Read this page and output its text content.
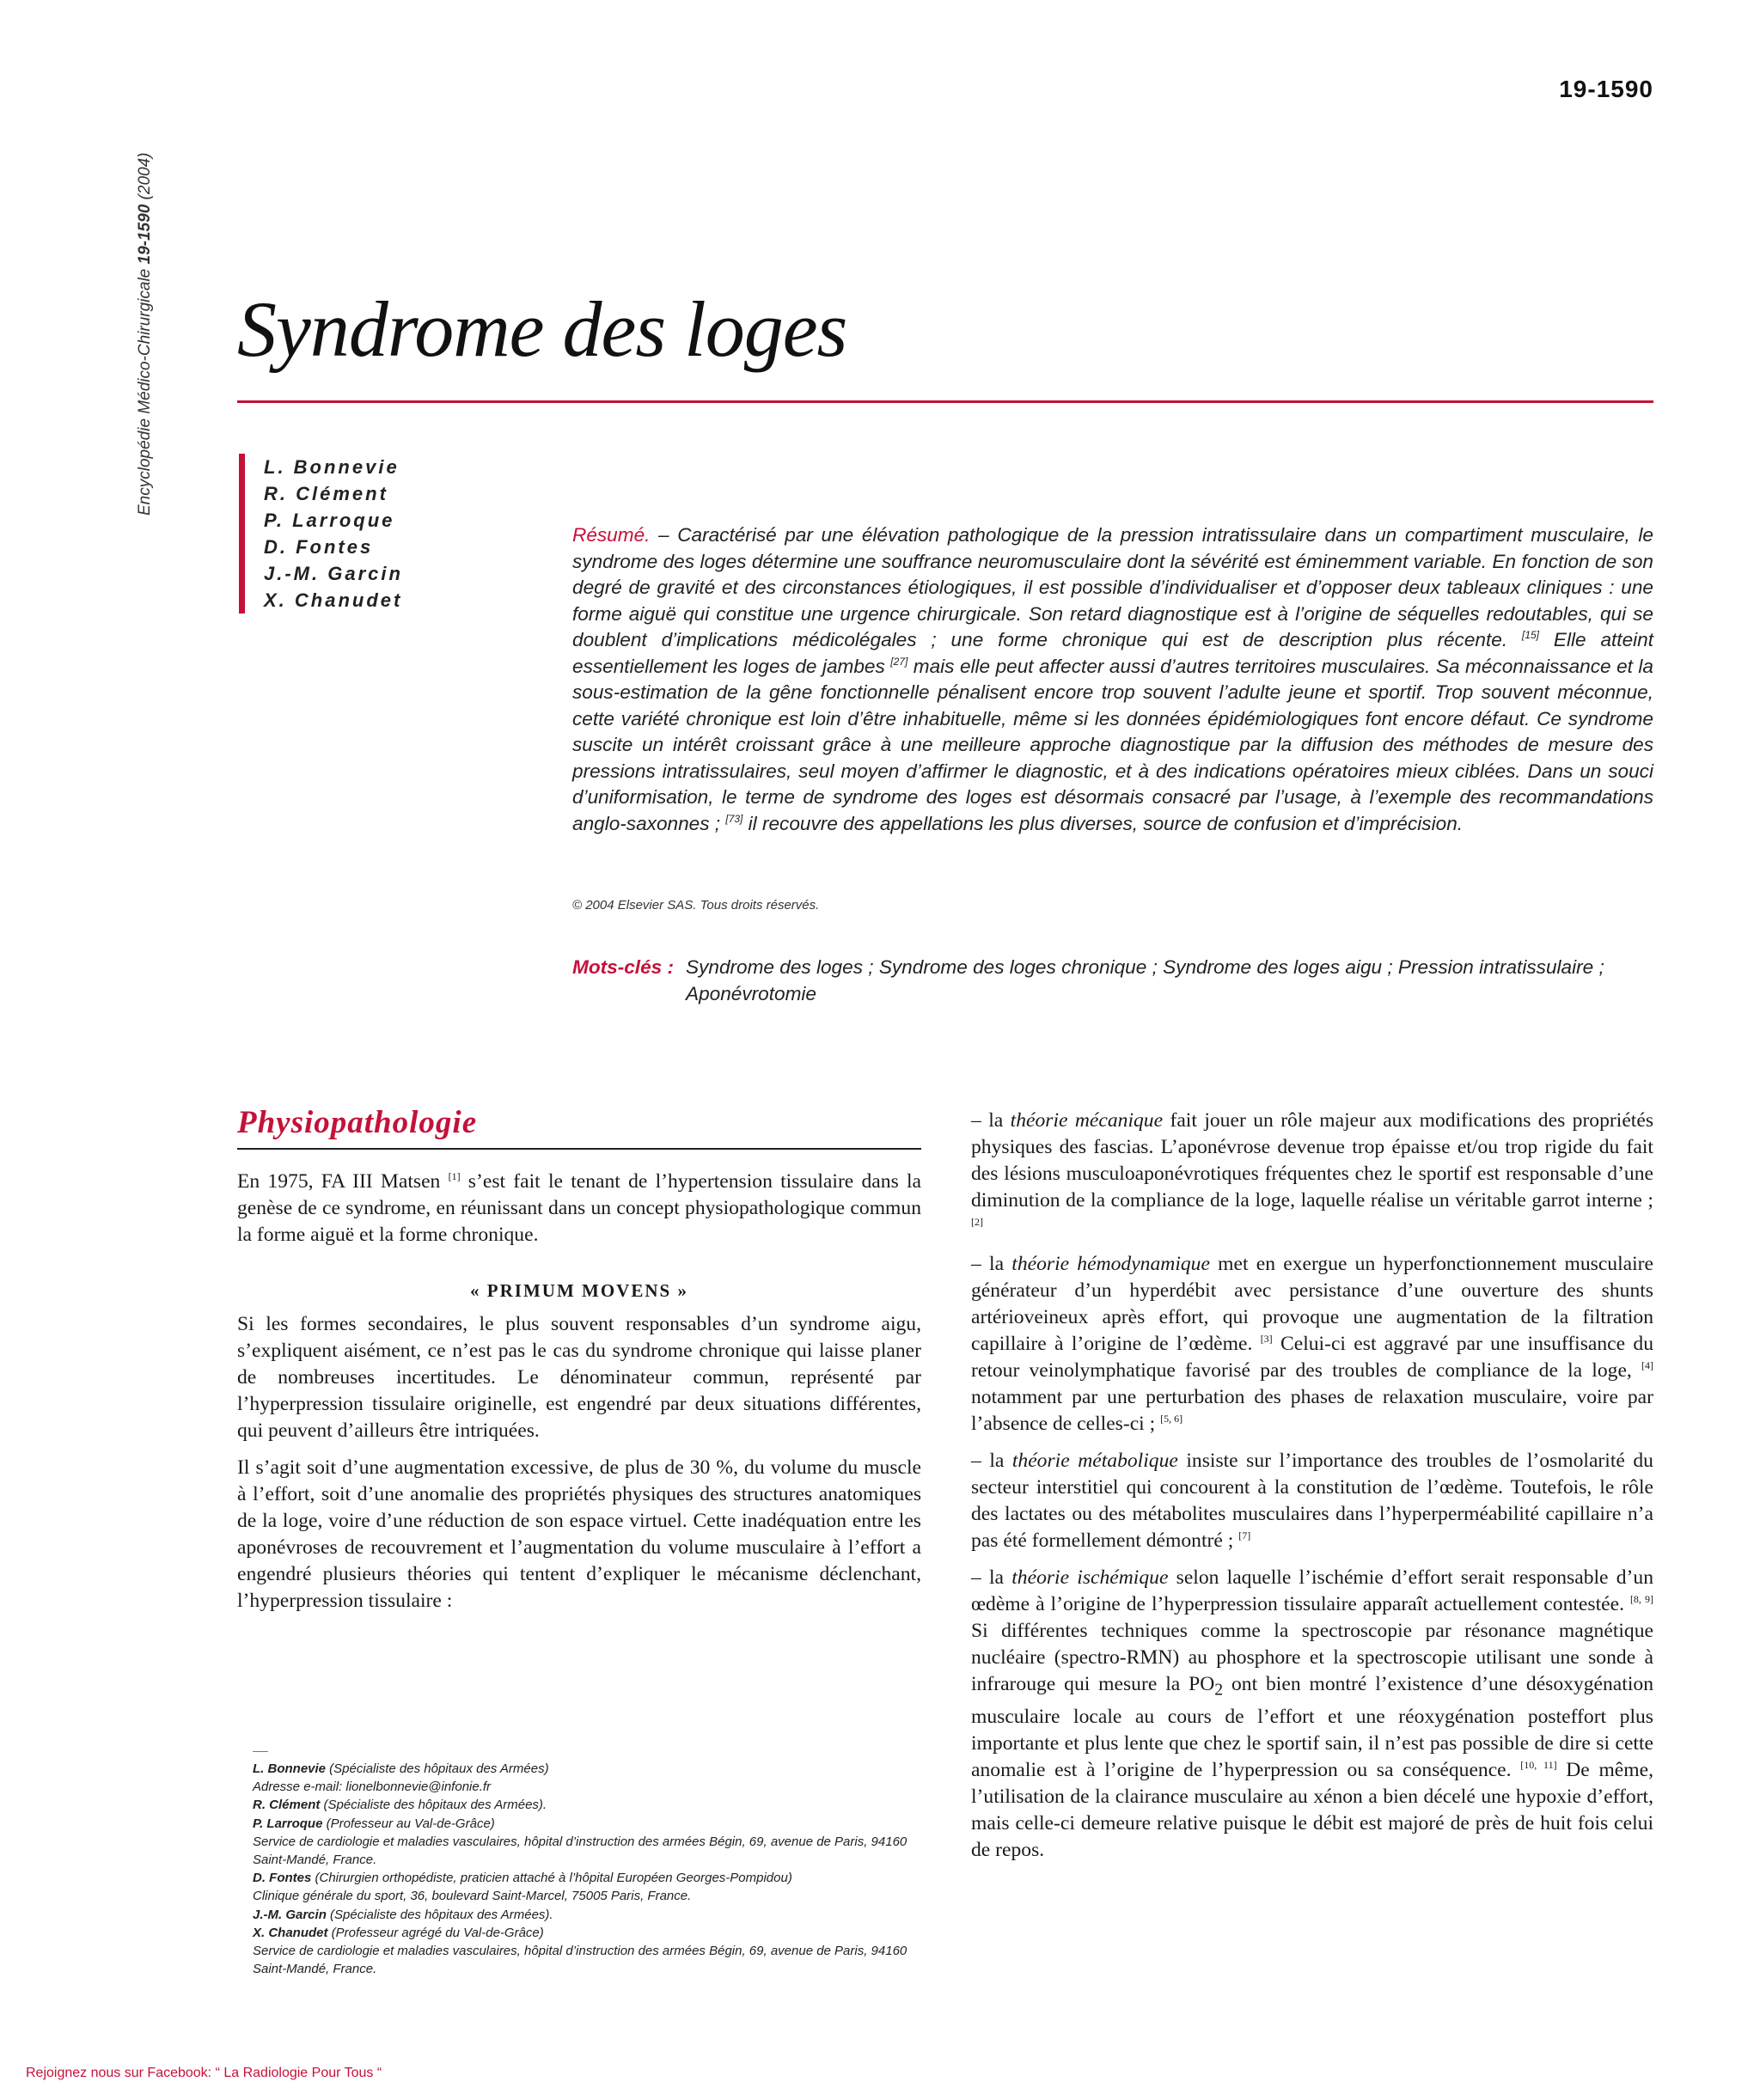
Encyclopédie Médico-Chirurgicale 19-1590 (2004)
19-1590
Syndrome des loges
L. Bonnevie
R. Clément
P. Larroque
D. Fontes
J.-M. Garcin
X. Chanudet
Résumé. – Caractérisé par une élévation pathologique de la pression intratissulaire dans un compartiment musculaire, le syndrome des loges détermine une souffrance neuromusculaire dont la sévérité est éminemment variable. En fonction de son degré de gravité et des circonstances étiologiques, il est possible d’individualiser et d’opposer deux tableaux cliniques : une forme aiguë qui constitue une urgence chirurgicale. Son retard diagnostique est à l’origine de séquelles redoutables, qui se doublent d’implications médicolégales ; une forme chronique qui est de description plus récente. [15] Elle atteint essentiellement les loges de jambes [27] mais elle peut affecter aussi d’autres territoires musculaires. Sa méconnaissance et la sous-estimation de la gêne fonctionnelle pénalisent encore trop souvent l’adulte jeune et sportif. Trop souvent méconnue, cette variété chronique est loin d’être inhabituelle, même si les données épidémiologiques font encore défaut. Ce syndrome suscite un intérêt croissant grâce à une meilleure approche diagnostique par la diffusion des méthodes de mesure des pressions intratissulaires, seul moyen d’affirmer le diagnostic, et à des indications opératoires mieux ciblées. Dans un souci d’uniformisation, le terme de syndrome des loges est désormais consacré par l’usage, à l’exemple des recommandations anglo-saxonnes ; [73] il recouvre des appellations les plus diverses, source de confusion et d’imprécision.
© 2004 Elsevier SAS. Tous droits réservés.
Mots-clés : Syndrome des loges ; Syndrome des loges chronique ; Syndrome des loges aigu ; Pression intratissulaire ; Aponévrotomie
Physiopathologie

En 1975, FA III Matsen [1] s’est fait le tenant de l’hypertension tissulaire dans la genèse de ce syndrome, en réunissant dans un concept physiopathologique commun la forme aiguë et la forme chronique.

« PRIMUM MOVENS »

Si les formes secondaires, le plus souvent responsables d’un syndrome aigu, s’expliquent aisément, ce n’est pas le cas du syndrome chronique qui laisse planer de nombreuses incertitudes. Le dénominateur commun, représenté par l’hyperpression tissulaire originelle, est engendré par deux situations différentes, qui peuvent d’ailleurs être intriquées.

Il s’agit soit d’une augmentation excessive, de plus de 30 %, du volume du muscle à l’effort, soit d’une anomalie des propriétés physiques des structures anatomiques de la loge, voire d’une réduction de son espace virtuel. Cette inadéquation entre les aponévroses de recouvrement et l’augmentation du volume musculaire à l’effort a engendré plusieurs théories qui tentent d’expliquer le mécanisme déclenchant, l’hyperpression tissulaire :

– la théorie mécanique fait jouer un rôle majeur aux modifications des propriétés physiques des fascias. L’aponévrose devenue trop épaisse et/ou trop rigide du fait des lésions musculoaponévrotiques fréquentes chez le sportif est responsable d’une diminution de la compliance de la loge, laquelle réalise un véritable garrot interne ; [2]

– la théorie hémodynamique met en exergue un hyperfonctionnement musculaire générateur d’un hyperdébit avec persistance d’une ouverture des shunts artérioveineux après effort, qui provoque une augmentation de la filtration capillaire à l’origine de l’œdème. [3] Celui-ci est aggravé par une insuffisance du retour veinolymphatique favorisé par des troubles de compliance de la loge, [4] notamment par une perturbation des phases de relaxation musculaire, voire par l’absence de celles-ci ; [5, 6]

– la théorie métabolique insiste sur l’importance des troubles de l’osmolarité du secteur interstitiel qui concourent à la constitution de l’œdème. Toutefois, le rôle des lactates ou des métabolites musculaires dans l’hyperperméabilité capillaire n’a pas été formellement démontré ; [7]

– la théorie ischémique selon laquelle l’ischémie d’effort serait responsable d’un œdème à l’origine de l’hyperpression tissulaire apparaît actuellement contestée. [8, 9] Si différentes techniques comme la spectroscopie par résonance magnétique nucléaire (spectro-RMN) au phosphore et la spectroscopie utilisant une sonde à infrarouge qui mesure la $PO_2$ ont bien montré l’existence d’une désoxygénation musculaire locale au cours de l’effort et une réoxygénation posteffort plus importante et plus lente que chez le sportif sain, il n’est pas possible de dire si cette anomalie est à l’origine de l’hyperpression ou sa conséquence. [10, 11] De même, l’utilisation de la clairance musculaire au xénon a bien décelé une hypoxie d’effort, mais celle-ci demeure relative puisque le débit est majoré de près de huit fois celui de repos.

L. Bonnevie (Spécialiste des hôpitaux des Armées)
Adresse e-mail: lionelbonnevie@infonie.fr
R. Clément (Spécialiste des hôpitaux des Armées).
P. Larroque (Professeur au Val-de-Grâce)
Service de cardiologie et maladies vasculaires, hôpital d’instruction des armées Bégin, 69, avenue de Paris, 94160 Saint-Mandé, France.
D. Fontes (Chirurgien orthopédiste, praticien attaché à l’hôpital Européen Georges-Pompidou)
Clinique générale du sport, 36, boulevard Saint-Marcel, 75005 Paris, France.
J.-M. Garcin (Spécialiste des hôpitaux des Armées).
X. Chanudet (Professeur agrégé du Val-de-Grâce)
Service de cardiologie et maladies vasculaires, hôpital d’instruction des armées Bégin, 69, avenue de Paris, 94160 Saint-Mandé, France.
Rejoignez nous sur Facebook: “ La Radiologie Pour Tous “
